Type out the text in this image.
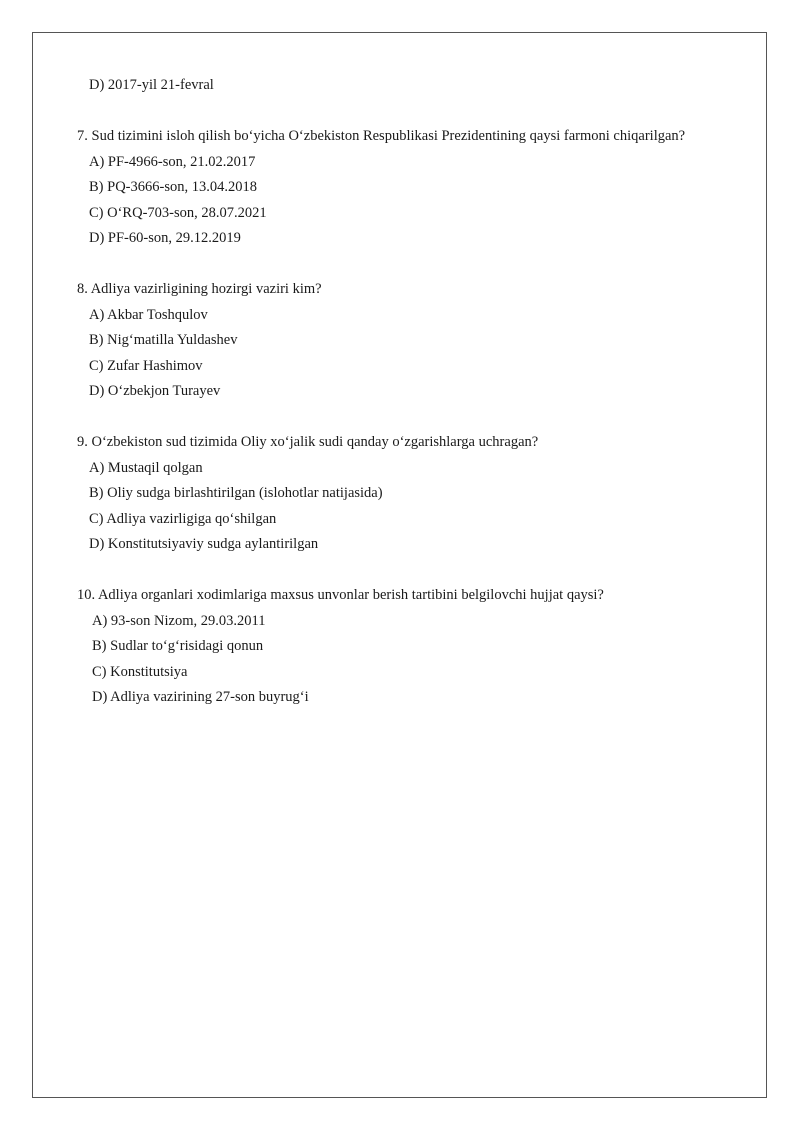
D) 2017-yil 21-fevral
7. Sud tizimini isloh qilish bo‘yicha O‘zbekiston Respublikasi Prezidentining qaysi farmoni chiqarilgan?
A) PF-4966-son, 21.02.2017
B) PQ-3666-son, 13.04.2018
C) O‘RQ-703-son, 28.07.2021
D) PF-60-son, 29.12.2019
8. Adliya vazirligining hozirgi vaziri kim?
A) Akbar Toshqulov
B) Nig‘matilla Yuldashev
C) Zufar Hashimov
D) O‘zbekjon Turayev
9. O‘zbekiston sud tizimida Oliy xo‘jalik sudi qanday o‘zgarishlarga uchragan?
A) Mustaqil qolgan
B) Oliy sudga birlashtirilgan (islohotlar natijasida)
C) Adliya vazirligiga qo‘shilgan
D) Konstitutsiyaviy sudga aylantirilgan
10. Adliya organlari xodimlariga maxsus unvonlar berish tartibini belgilovchi hujjat qaysi?
A) 93-son Nizom, 29.03.2011
B) Sudlar to‘g‘risidagi qonun
C) Konstitutsiya
D) Adliya vazirining 27-son buyrug‘i
